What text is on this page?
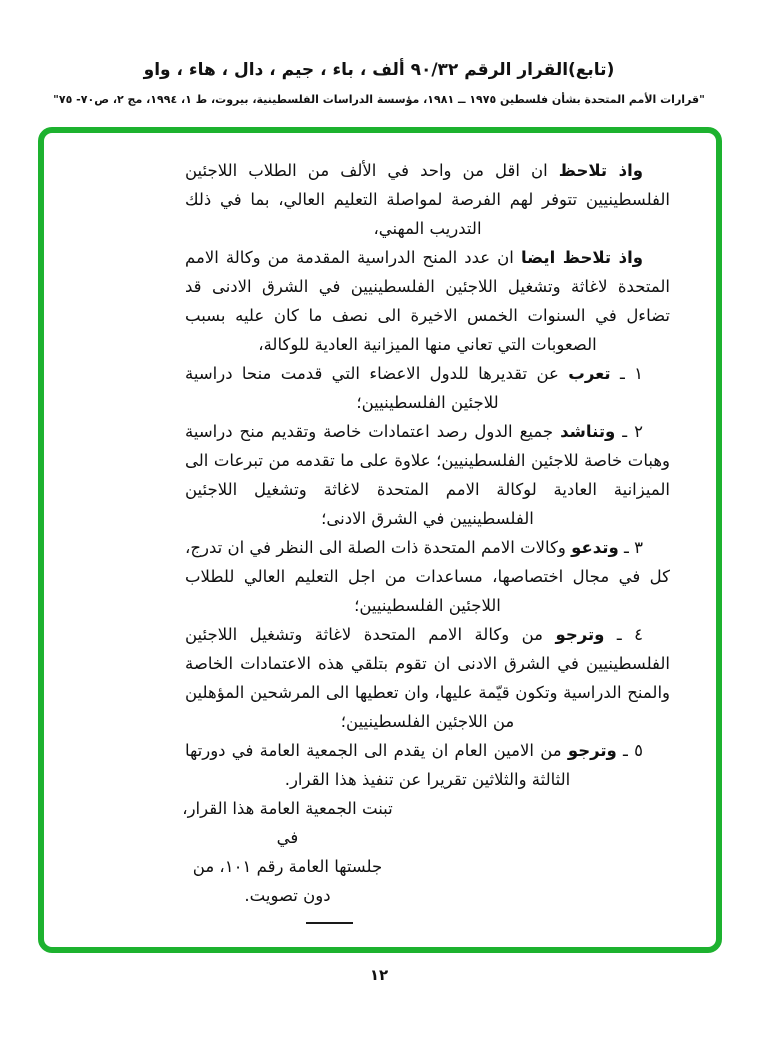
(تابع)القرار الرقم ٩٠/٣٢ ألف ، باء ، جيم ، دال ، هاء ، واو
"قرارات الأمم المتحدة بشأن فلسطين ١٩٧٥ ــ ١٩٨١، مؤسسة الدراسات الفلسطينية، بيروت، ط ١، ١٩٩٤، مج ٢، ص٧٠- ٧٥"

واذ تلاحظ ان اقل من واحد في الألف من الطلاب اللاجئين الفلسطينيين تتوفر لهم الفرصة لمواصلة التعليم العالي، بما في ذلك التدريب المهني،

واذ تلاحظ ايضا ان عدد المنح الدراسية المقدمة من وكالة الامم المتحدة لاغاثة وتشغيل اللاجئين الفلسطينيين في الشرق الادنى قد تضاءل في السنوات الخمس الاخيرة الى نصف ما كان عليه بسبب الصعوبات التي تعاني منها الميزانية العادية للوكالة،

١ ـ تعرب عن تقديرها للدول الاعضاء التي قدمت منحا دراسية للاجئين الفلسطينيين؛

٢ ـ وتناشد جميع الدول رصد اعتمادات خاصة وتقديم منح دراسية وهبات خاصة للاجئين الفلسطينيين؛ علاوة على ما تقدمه من تبرعات الى الميزانية العادية لوكالة الامم المتحدة لاغاثة وتشغيل اللاجئين الفلسطينيين في الشرق الادنى؛

٣ ـ وتدعو وكالات الامم المتحدة ذات الصلة الى النظر في ان تدرج، كل في مجال اختصاصها، مساعدات من اجل التعليم العالي للطلاب اللاجئين الفلسطينيين؛

٤ ـ وترجو من وكالة الامم المتحدة لاغاثة وتشغيل اللاجئين الفلسطينيين في الشرق الادنى ان تقوم بتلقي هذه الاعتمادات الخاصة والمنح الدراسية وتكون قيّمة عليها، وان تعطيها الى المرشحين المؤهلين من اللاجئين الفلسطينيين؛

٥ ـ وترجو من الامين العام ان يقدم الى الجمعية العامة في دورتها الثالثة والثلاثين تقريرا عن تنفيذ هذا القرار.

تبنت الجمعية العامة هذا القرار، في
جلستها العامة رقم ١٠١، من
دون تصويت.
١٢
